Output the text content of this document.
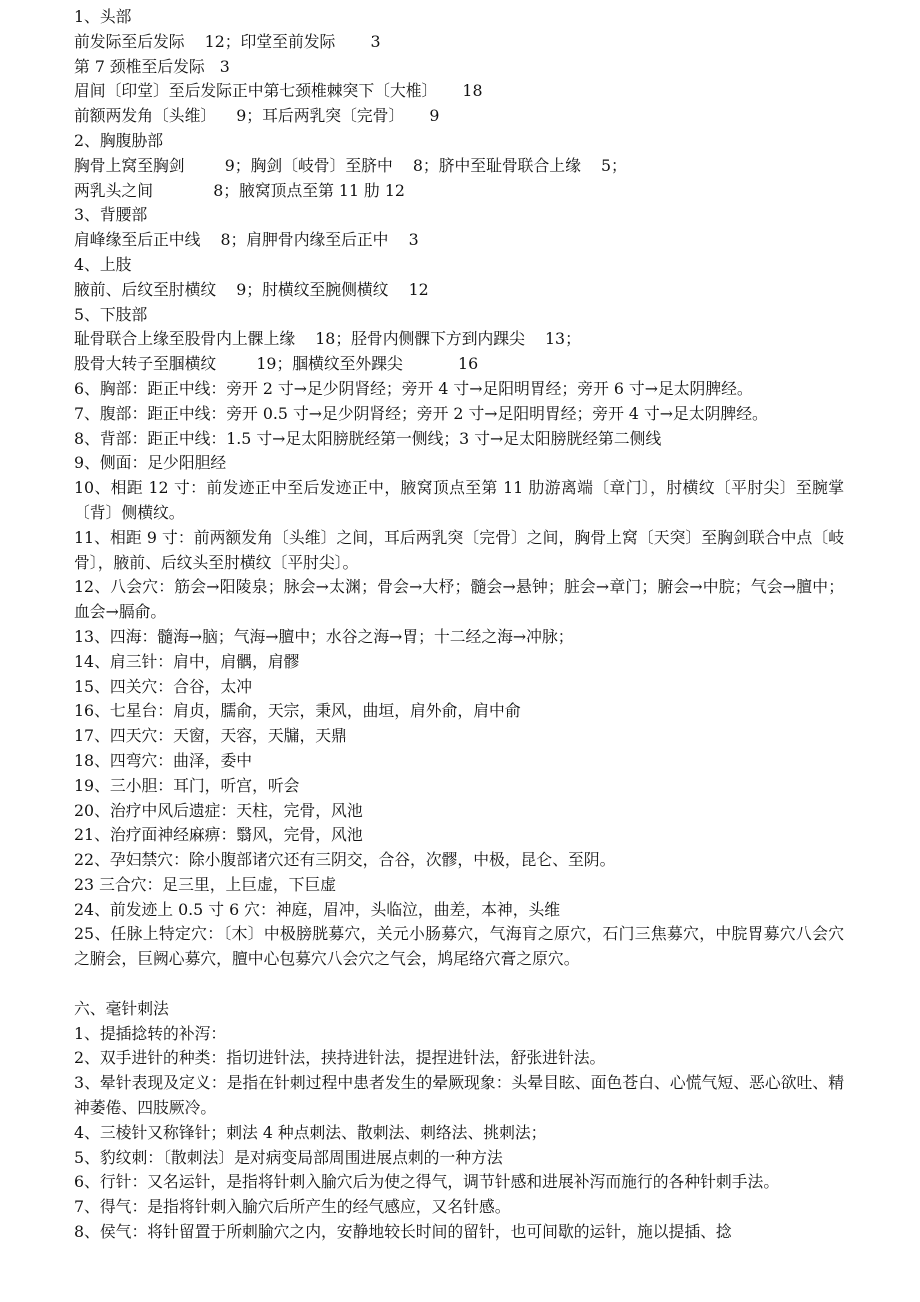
1、头部
前发际至后发际    12；印堂至前发际       3
第 7 颈椎至后发际   3
眉间〔印堂〕至后发际正中第七颈椎棘突下〔大椎〕     18
前额两发角〔头维〕    9；耳后两乳突〔完骨〕     9
2、胸腹胁部
胸骨上窝至胸剑        9；胸剑〔岐骨〕至脐中    8；脐中至耻骨联合上缘    5；
两乳头之间            8；腋窝顶点至第 11 肋 12
3、背腰部
肩峰缘至后正中线    8；肩胛骨内缘至后正中    3
4、上肢
腋前、后纹至肘横纹    9；肘横纹至腕侧横纹    12
5、下肢部
耻骨联合上缘至股骨内上髁上缘    18；胫骨内侧髁下方到内踝尖    13；
股骨大转子至腘横纹        19；腘横纹至外踝尖           16
6、胸部：距正中线：旁开 2 寸→足少阴肾经；旁开 4 寸→足阳明胃经；旁开 6 寸→足太阴脾经。
7、腹部：距正中线：旁开 0.5 寸→足少阴肾经；旁开 2 寸→足阳明胃经；旁开 4 寸→足太阴脾经。
8、背部：距正中线：1.5 寸→足太阳膀胱经第一侧线；3 寸→足太阳膀胱经第二侧线
9、侧面：足少阳胆经
10、相距 12 寸：前发迹正中至后发迹正中，腋窝顶点至第 11 肋游离端〔章门〕，肘横纹〔平肘尖〕至腕掌〔背〕侧横纹。
11、相距 9 寸：前两额发角〔头维〕之间，耳后两乳突〔完骨〕之间，胸骨上窝〔天突〕至胸剑联合中点〔岐骨〕，腋前、后纹头至肘横纹〔平肘尖〕。
12、八会穴：筋会→阳陵泉；脉会→太渊；骨会→大杼；髓会→悬钟；脏会→章门；腑会→中脘；气会→膻中；血会→膈俞。
13、四海：髓海→脑；气海→膻中；水谷之海→胃；十二经之海→冲脉；
14、肩三针：肩中，肩髃，肩髎
15、四关穴：合谷，太冲
16、七星台：肩贞，臑俞，天宗，秉风，曲垣，肩外俞，肩中俞
17、四天穴：天窗，天容，天牖，天鼎
18、四弯穴：曲泽，委中
19、三小胆：耳门，听宫，听会
20、治疗中风后遗症：天柱，完骨，风池
21、治疗面神经麻痹：翳风，完骨，风池
22、孕妇禁穴：除小腹部诸穴还有三阴交，合谷，次髎，中极，昆仑、至阴。
23 三合穴：足三里，上巨虚，下巨虚
24、前发迹上 0.5 寸 6 穴：神庭，眉冲，头临泣，曲差，本神，头维
25、任脉上特定穴：〔木〕中极膀胱募穴，关元小肠募穴，气海肓之原穴，石门三焦募穴，中脘胃募穴八会穴之腑会，巨阙心募穴，膻中心包募穴八会穴之气会，鸠尾络穴膏之原穴。
六、毫针刺法
1、提插捻转的补泻：
2、双手进针的种类：指切进针法，挟持进针法，提捏进针法，舒张进针法。
3、晕针表现及定义：是指在针刺过程中患者发生的晕厥现象：头晕目眩、面色苍白、心慌气短、恶心欲吐、精神萎倦、四肢厥冷。
4、三棱针又称锋针；刺法 4 种点刺法、散刺法、刺络法、挑刺法；
5、豹纹刺：〔散刺法〕是对病变局部周围进展点刺的一种方法
6、行针：又名运针，是指将针刺入腧穴后为使之得气，调节针感和进展补泻而施行的各种针刺手法。
7、得气：是指将针刺入腧穴后所产生的经气感应，又名针感。
8、侯气：将针留置于所刺腧穴之内，安静地较长时间的留针，也可间歇的运针，施以提插、捻
